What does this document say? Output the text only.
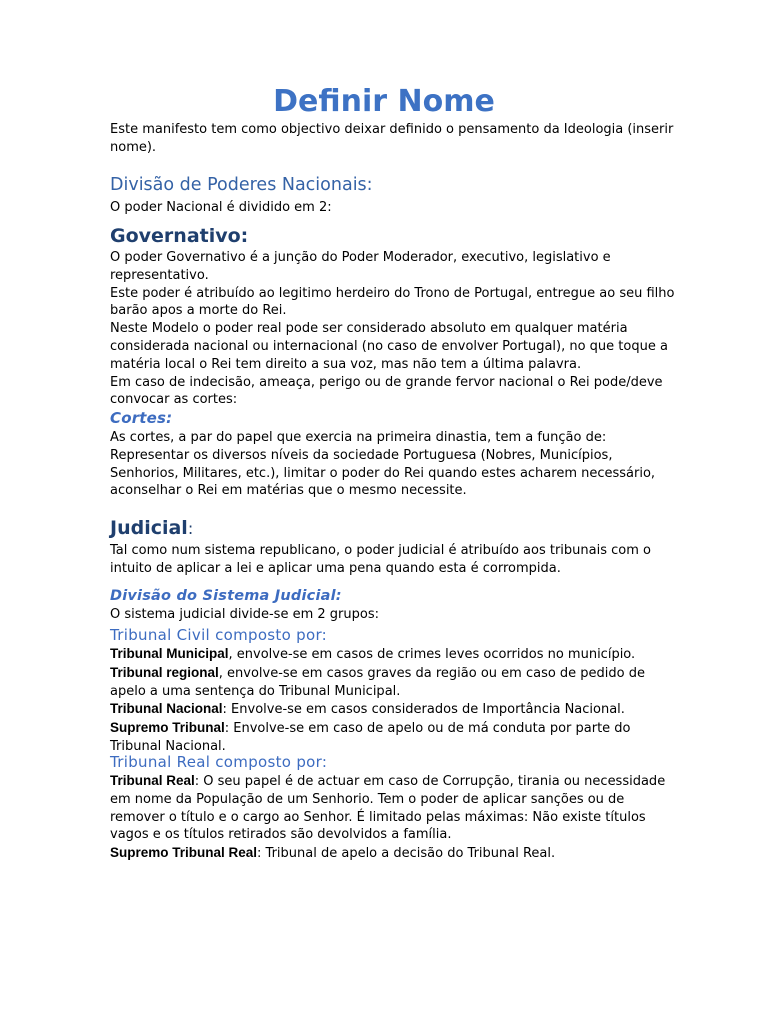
Definir Nome

Este manifesto tem como objectivo deixar definido o pensamento da Ideologia (inserir nome).

Divisão de Poderes Nacionais:

O poder Nacional é dividido em 2:

Governativo:

O poder Governativo é a junção do Poder Moderador, executivo, legislativo e representativo.

Este poder é atribuído ao legitimo herdeiro do Trono de Portugal, entregue ao seu filho barão apos a morte do Rei.

Neste Modelo o poder real pode ser considerado absoluto em qualquer matéria considerada nacional ou internacional (no caso de envolver Portugal), no que toque a matéria local o Rei tem direito a sua voz, mas não tem a última palavra.

Em caso de indecisão, ameaça, perigo ou de grande fervor nacional o Rei pode/deve convocar as cortes:

Cortes:

As cortes, a par do papel que exercia na primeira dinastia, tem a função de:

Representar os diversos níveis da sociedade Portuguesa (Nobres, Municípios, Senhorios, Militares, etc.), limitar o poder do Rei quando estes acharem necessário, aconselhar o Rei em matérias que o mesmo necessite.

Judicial:

Tal como num sistema republicano, o poder judicial é atribuído aos tribunais com o intuito de aplicar a lei e aplicar uma pena quando esta é corrompida.

Divisão do Sistema Judicial:

O sistema judicial divide-se em 2 grupos:

Tribunal Civil composto por:

Tribunal Municipal, envolve-se em casos de crimes leves ocorridos no município.

Tribunal regional, envolve-se em casos graves da região ou em caso de pedido de apelo a uma sentença do Tribunal Municipal.

Tribunal Nacional: Envolve-se em casos considerados de Importância Nacional.

Supremo Tribunal: Envolve-se em caso de apelo ou de má conduta por parte do Tribunal Nacional.

Tribunal Real composto por:

Tribunal Real: O seu papel é de actuar em caso de Corrupção, tirania ou necessidade em nome da População de um Senhorio. Tem o poder de aplicar sanções ou de remover o título e o cargo ao Senhor. É limitado pelas máximas: Não existe títulos vagos e os títulos retirados são devolvidos a família.

Supremo Tribunal Real: Tribunal de apelo a decisão do Tribunal Real.
